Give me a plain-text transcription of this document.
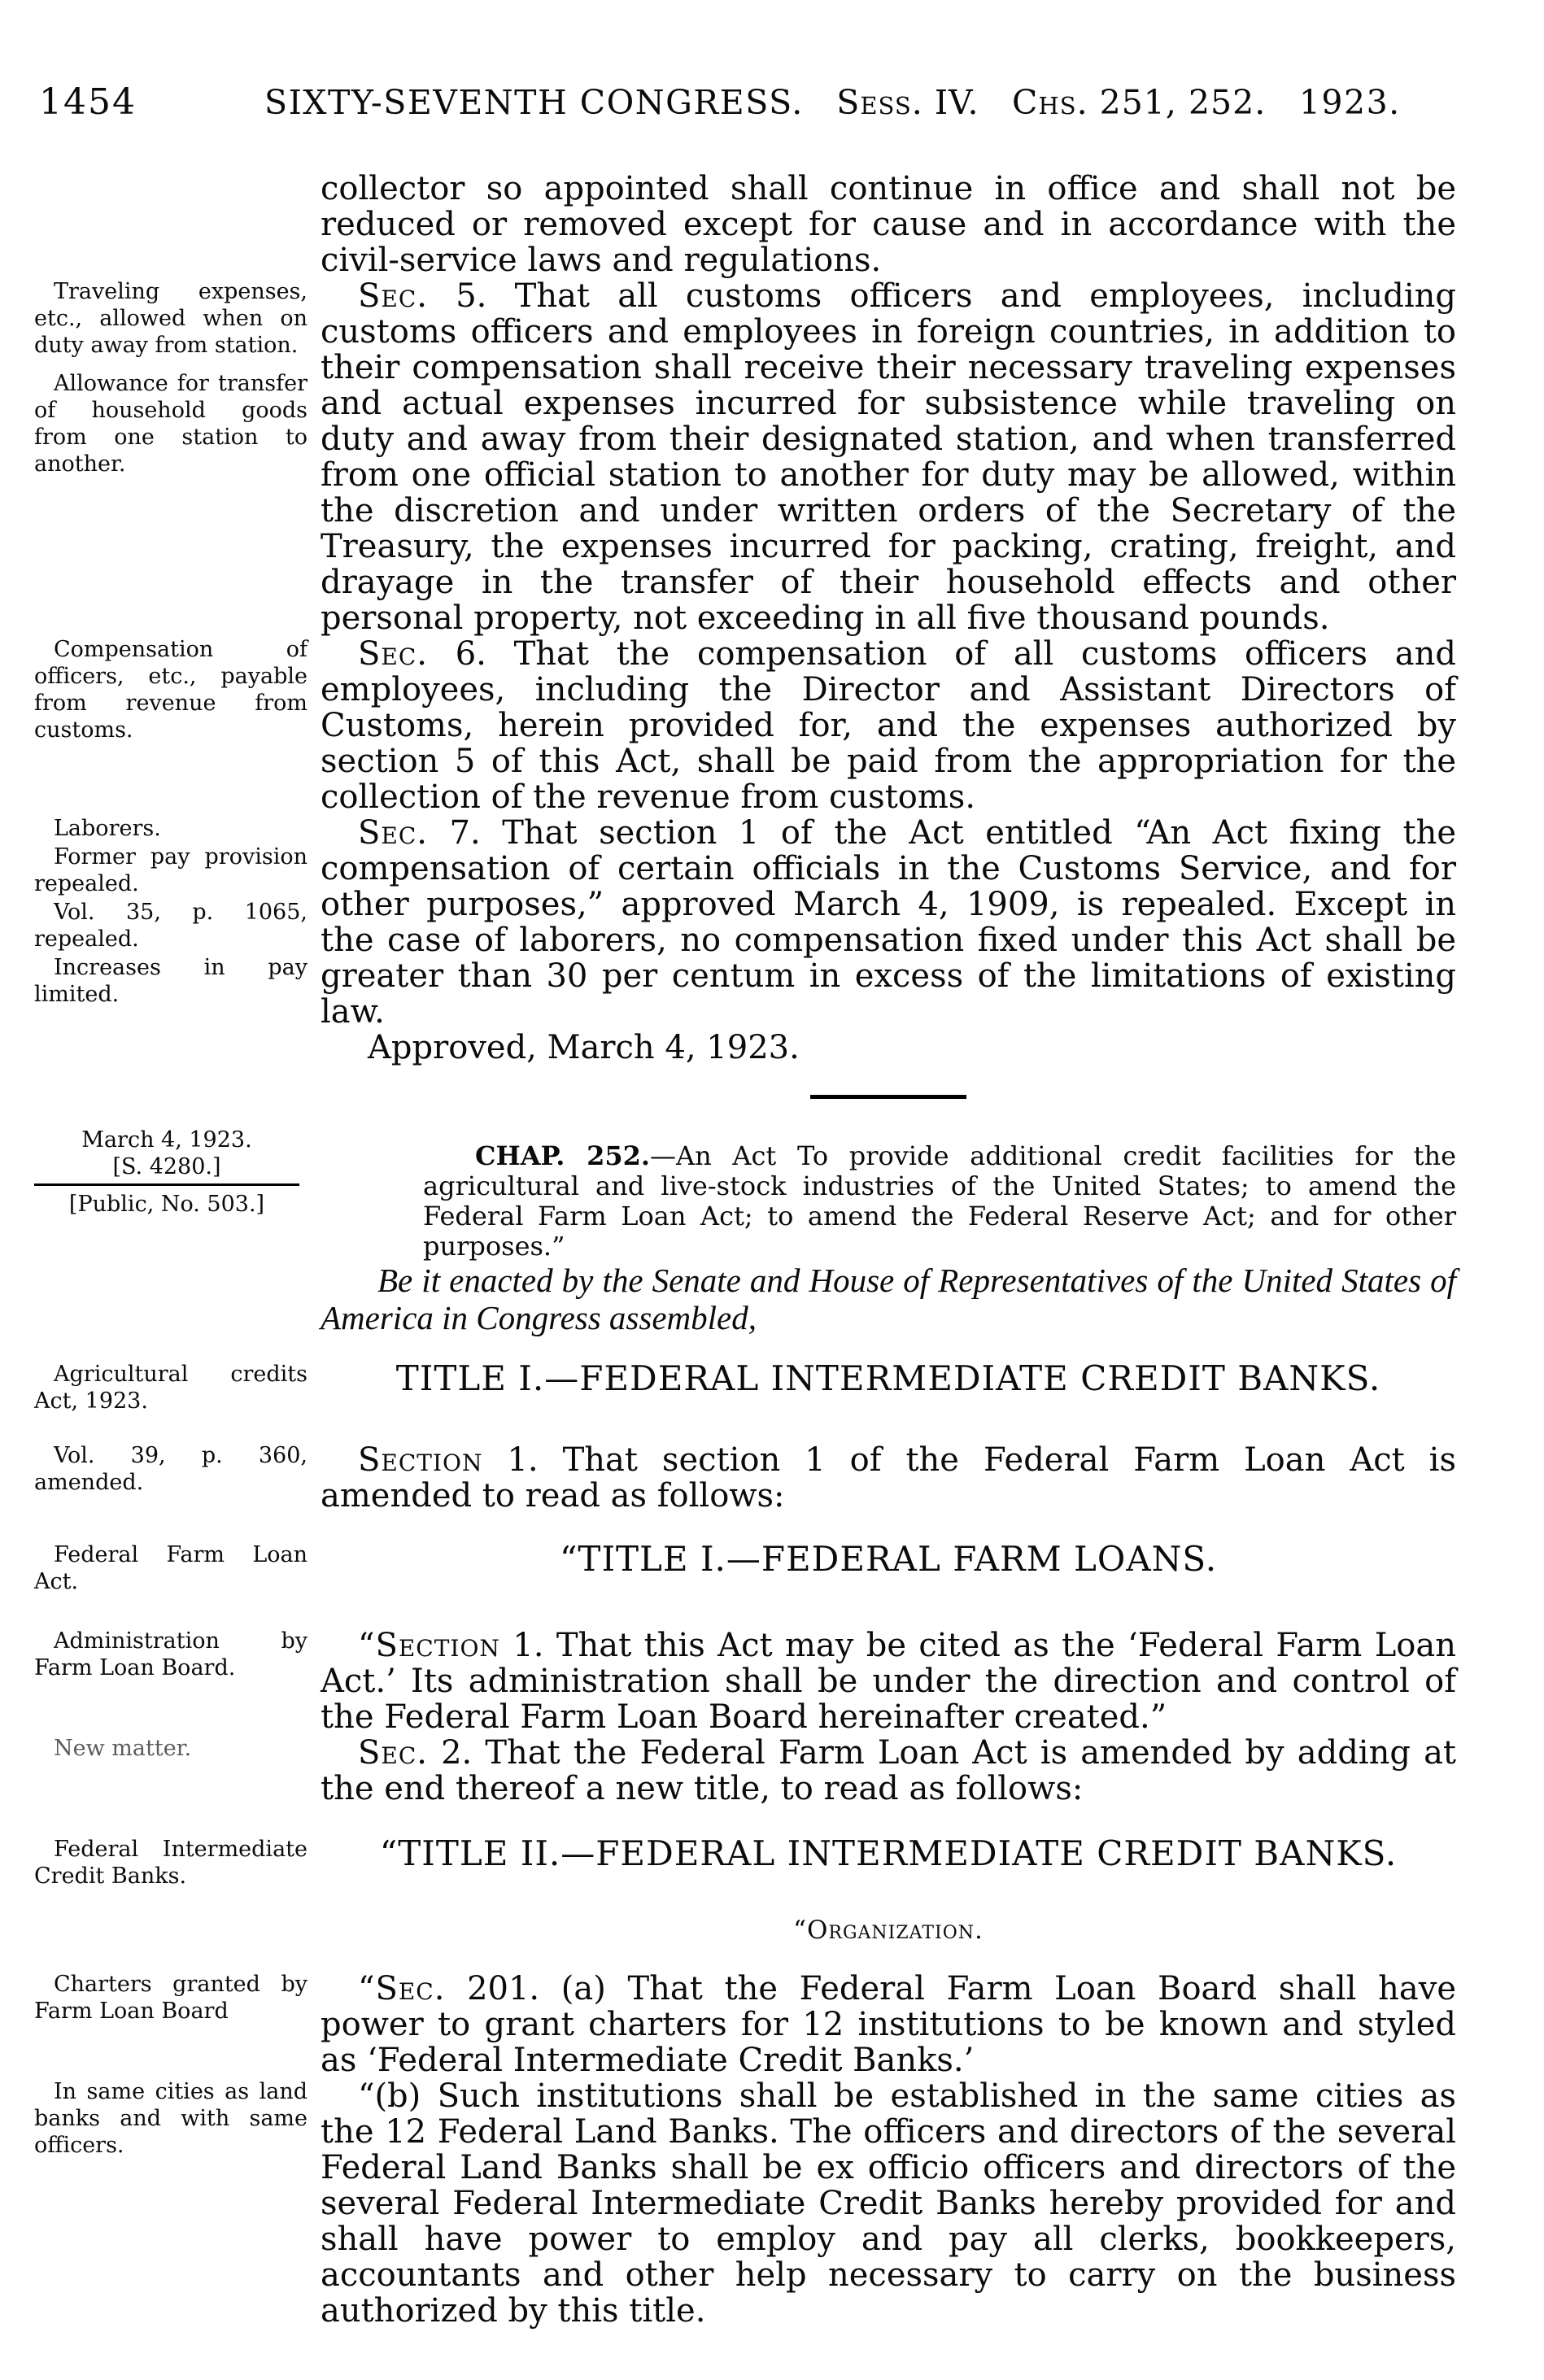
1454	SIXTY-SEVENTH CONGRESS. Sess. IV. Chs. 251, 252. 1923.

collector so appointed shall continue in office and shall not be reduced or removed except for cause and in accordance with the civil-service laws and regulations.

Traveling expenses, etc., allowed when on duty away from station.

Allowance for transfer of household goods from one station to another.

Sec. 5. That all customs officers and employees, including customs officers and employees in foreign countries, in addition to their compensation shall receive their necessary traveling expenses and actual expenses incurred for subsistence while traveling on duty and away from their designated station, and when transferred from one official station to another for duty may be allowed, within the discretion and under written orders of the Secretary of the Treasury, the expenses incurred for packing, crating, freight, and drayage in the transfer of their household effects and other personal property, not exceeding in all five thousand pounds.

Compensation of officers, etc., payable from revenue from customs.

Sec. 6. That the compensation of all customs officers and employees, including the Director and Assistant Directors of Customs, herein provided for, and the expenses authorized by section 5 of this Act, shall be paid from the appropriation for the collection of the revenue from customs.

Laborers.

Former pay provision repealed.

Vol. 35, p. 1065, repealed.

Increases in pay limited.

Sec. 7. That section 1 of the Act entitled “An Act fixing the compensation of certain officials in the Customs Service, and for other purposes,” approved March 4, 1909, is repealed. Except in the case of laborers, no compensation fixed under this Act shall be greater than 30 per centum in excess of the limitations of existing law.

Approved, March 4, 1923.

March 4, 1923.
[S. 4280.]
[Public, No. 503.]

CHAP. 252.—An Act To provide additional credit facilities for the agricultural and live-stock industries of the United States; to amend the Federal Farm Loan Act; to amend the Federal Reserve Act; and for other purposes.”

Be it enacted by the Senate and House of Representatives of the United States of America in Congress assembled,

Agricultural credits Act, 1923.

TITLE I.—FEDERAL INTERMEDIATE CREDIT BANKS.

Vol. 39, p. 360, amended.

Section 1. That section 1 of the Federal Farm Loan Act is amended to read as follows:

Federal Farm Loan Act.

“TITLE I.—FEDERAL FARM LOANS.

Administration by Farm Loan Board.

“Section 1. That this Act may be cited as the ‘Federal Farm Loan Act.’ Its administration shall be under the direction and control of the Federal Farm Loan Board hereinafter created.”

New matter.	Sec. 2. That the Federal Farm Loan Act is amended by adding at the end thereof a new title, to read as follows:

Federal Intermediate Credit Banks.

“TITLE II.—FEDERAL INTERMEDIATE CREDIT BANKS.
“Organization.

Charters granted by Farm Loan Board

“Sec. 201. (a) That the Federal Farm Loan Board shall have power to grant charters for 12 institutions to be known and styled as ‘Federal Intermediate Credit Banks.’

In same cities as land banks and with same officers.

“(b) Such institutions shall be established in the same cities as the 12 Federal Land Banks. The officers and directors of the several Federal Land Banks shall be ex officio officers and directors of the several Federal Intermediate Credit Banks hereby provided for and shall have power to employ and pay all clerks, bookkeepers, accountants and other help necessary to carry on the business authorized by this title.
